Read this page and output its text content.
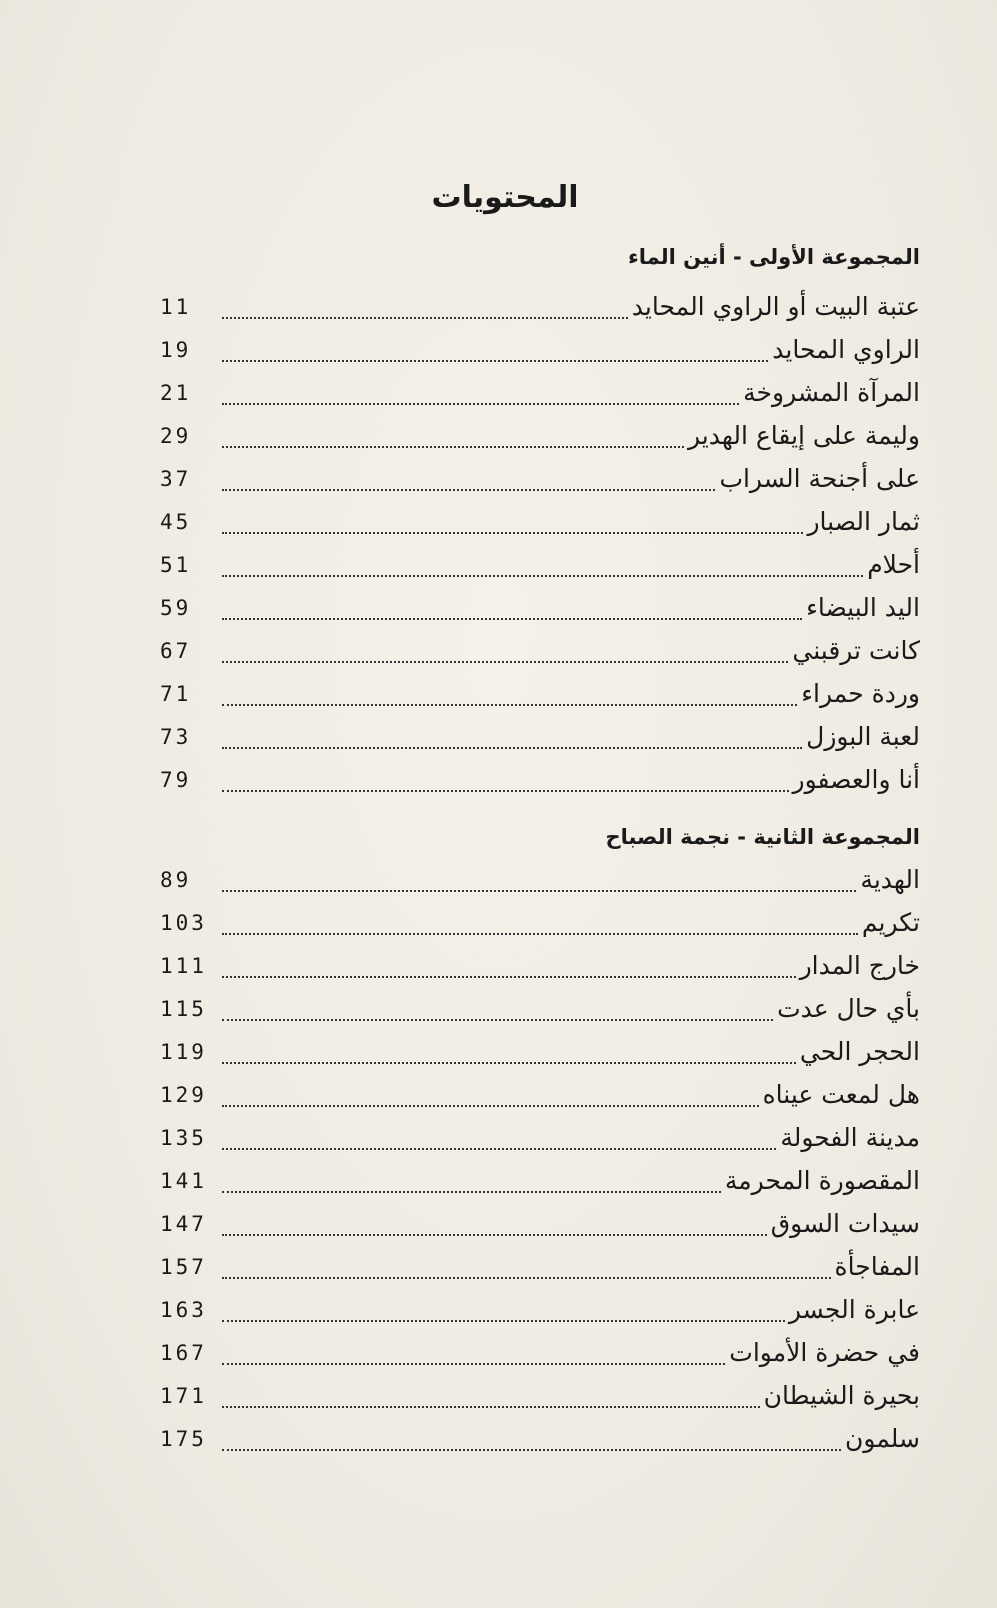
المحتويات
المجموعة الأولى - أنين الماء
عتبة البيت أو الراوي المحايد
11
الراوي المحايد
19
المرآة المشروخة
21
وليمة على إيقاع الهدير
29
على أجنحة السراب
37
ثمار الصبار
45
أحلام
51
اليد البيضاء
59
كانت ترقبني
67
وردة حمراء
71
لعبة البوزل
73
أنا والعصفور
79
المجموعة الثانية - نجمة الصباح
الهدية
89
تكريم
103
خارج المدار
111
بأي حال عدت
115
الحجر الحي
119
هل لمعت عيناه
129
مدينة الفحولة
135
المقصورة المحرمة
141
سيدات السوق
147
المفاجأة
157
عابرة الجسر
163
في حضرة الأموات
167
بحيرة الشيطان
171
سلمون
175
